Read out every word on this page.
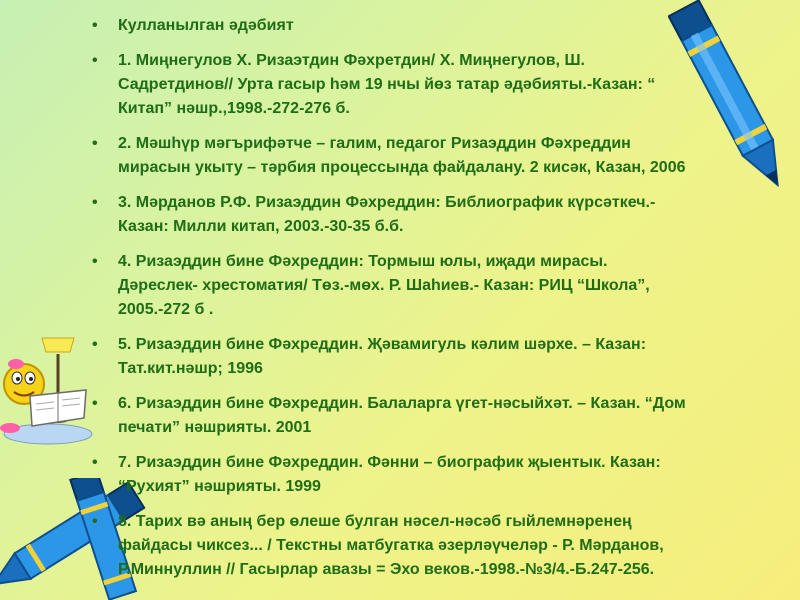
• Кулланылган әдәбият
• 1. Миңнегулов Х. Ризаэтдин Фәхретдин/ Х. Миңнегулов, Ш. Садретдинов// Урта гасыр һәм 19 нчы йөз татар әдәбияты.-Казан: “ Китап” нәшр.,1998.-272-276 б.
• 2. Мәшһүр мәгърифәтче – галим, педагог Ризаэддин Фәхреддин мирасын укыту – тәрбия процессында файдалану. 2 кисәк, Казан, 2006
• 3. Мәрданов Р.Ф. Ризаэддин Фәхреддин: Библиографик күрсәткеч.-Казан: Милли китап, 2003.-30-35 б.б.
• 4. Ризаэддин бине Фәхреддин: Тормыш юлы, иҗади мирасы. Дәреслек- хрестоматия/ Төз.-мөх. Р. Шаһиев.- Казан: РИЦ “Школа”, 2005.-272 б .
• 5. Ризаэддин бине Фәхреддин. Җәвамигуль кәлим шәрхе. – Казан: Тат.кит.нәшр; 1996
• 6. Ризаэддин бине Фәхреддин. Балаларга үгет-нәсыйхәт. – Казан. “Дом печати” нәшрияты. 2001
• 7. Ризаэддин бине Фәхреддин. Фәнни – биографик җыентык. Казан: “Рухият” нәшрияты. 1999
• 8. Тарих вә аның бер өлеше булган нәсел-нәсәб гыйлемнәренең файдасы чиксез... / Текстны матбугатка әзерләүчеләр - Р. Мәрданов, Р.Миннуллин // Гасырлар авазы = Эхо веков.-1998.-№3/4.-Б.247-256.
